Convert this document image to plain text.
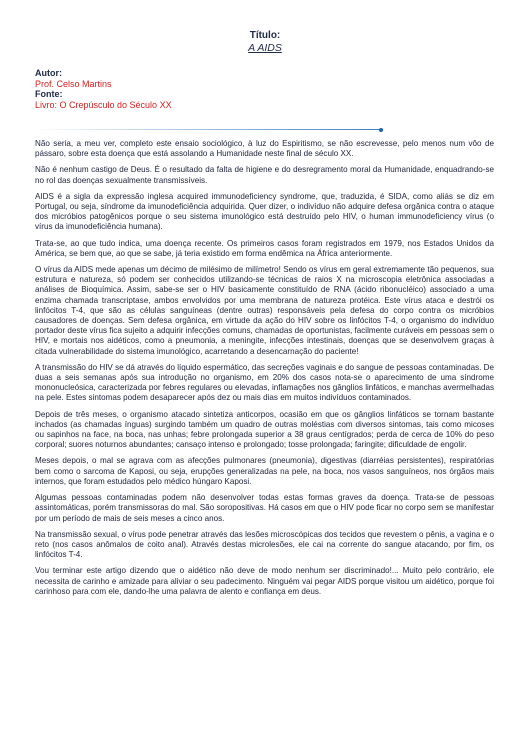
Título:
A AIDS
Autor:
Prof. Celso Martins
Fonte:
Livro: O Crepúsculo do Século XX

Não seria, a meu ver, completo este ensaio sociológico, à luz do Espiritismo, se não escrevesse, pelo menos num vôo de pássaro, sobre esta doença que está assolando a Humanidade neste final de século XX.

Não é nenhum castigo de Deus. É o resultado da falta de higiene e do desregramento moral da Humanidade, enquadrando-se no rol das doenças sexualmente transmissíveis.

AIDS é a sigla da expressão inglesa acquired immunodeficiency syndrome, que, traduzida, é SIDA, como aliás se diz em Portugal, ou seja, síndrome da imunodeficiência adquirida. Quer dizer, o indivíduo não adquire defesa orgânica contra o ataque dos micróbios patogênicos porque o seu sistema imunológico está destruído pelo HIV, o human immunodeficiency vírus (o vírus da imunodeficiência humana).

Trata-se, ao que tudo indica, uma doença recente. Os primeiros casos foram registrados em 1979, nos Estados Unidos da América, se bem que, ao que se sabe, já teria existido em forma endêmica na África anteriormente.

O vírus da AIDS mede apenas um décimo de milésimo de milímetro! Sendo os vírus em geral extremamente tão pequenos, sua estrutura e natureza, só podem ser conhecidos utilizando-se técnicas de raios X na microscopia eletrônica associadas a análises de Bioquímica. Assim, sabe-se ser o HIV basicamente constituído de RNA (ácido ribonucléico) associado a uma enzima chamada transcriptase, ambos envolvidos por uma membrana de natureza protéica. Este vírus ataca e destrói os linfócitos T-4, que são as células sanguíneas (dentre outras) responsáveis pela defesa do corpo contra os micróbios causadores de doenças. Sem defesa orgânica, em virtude da ação do HIV sobre os linfócitos T-4, o organismo do indivíduo portador deste vírus fica sujeito a adquirir infecções comuns, chamadas de oportunistas, facilmente curáveis em pessoas sem o HIV, e mortais nos aidéticos, como a pneumonia, a meningite, infecções intestinais, doenças que se desenvolvem graças à citada vulnerabilidade do sistema imunológico, acarretando a desencarnação do paciente!

A transmissão do HIV se dá através do líquido espermático, das secreções vaginais e do sangue de pessoas contaminadas. De duas a seis semanas após sua introdução no organismo, em 20% dos casos nota-se o aparecimento de uma síndrome mononucleósica, caracterizada por febres regulares ou elevadas, inflamações nos gânglios linfáticos, e manchas avermelhadas na pele. Estes sintomas podem desaparecer após dez ou mais dias em muitos indivíduos contaminados.

Depois de três meses, o organismo atacado sintetiza anticorpos, ocasião em que os gânglios linfáticos se tornam bastante inchados (as chamadas ínguas) surgindo também um quadro de outras moléstias com diversos sintomas, tais como micoses ou sapinhos na face, na boca, nas unhas; febre prolongada superior a 38 graus centígrados; perda de cerca de 10% do peso corporal; suores noturnos abundantes; cansaço intenso e prolongado; tosse prolongada; faringite; dificuldade de engolir.

Meses depois, o mal se agrava com as afecções pulmonares (pneumonia), digestivas (diarréias persistentes), respiratórias bem como o sarcoma de Kaposi, ou seja, erupções generalizadas na pele, na boca, nos vasos sanguíneos, nos órgãos mais internos, que foram estudados pelo médico húngaro Kaposi.

Algumas pessoas contaminadas podem não desenvolver todas estas formas graves da doença. Trata-se de pessoas assintomáticas, porém transmissoras do mal. São soropositivas. Há casos em que o HIV pode ficar no corpo sem se manifestar por um período de mais de seis meses a cinco anos.

Na transmissão sexual, o vírus pode penetrar através das lesões microscópicas dos tecidos que revestem o pênis, a vagina e o reto (nos casos anômalos de coito anal). Através destas microlesões, ele cai na corrente do sangue atacando, por fim, os linfócitos T-4.

Vou terminar este artigo dizendo que o aidético não deve de modo nenhum ser discriminado!... Muito pelo contrário, ele necessita de carinho e amizade para aliviar o seu padecimento. Ninguém vai pegar AIDS porque visitou um aidético, porque foi carinhoso para com ele, dando-lhe uma palavra de alento e confiança em deus.
